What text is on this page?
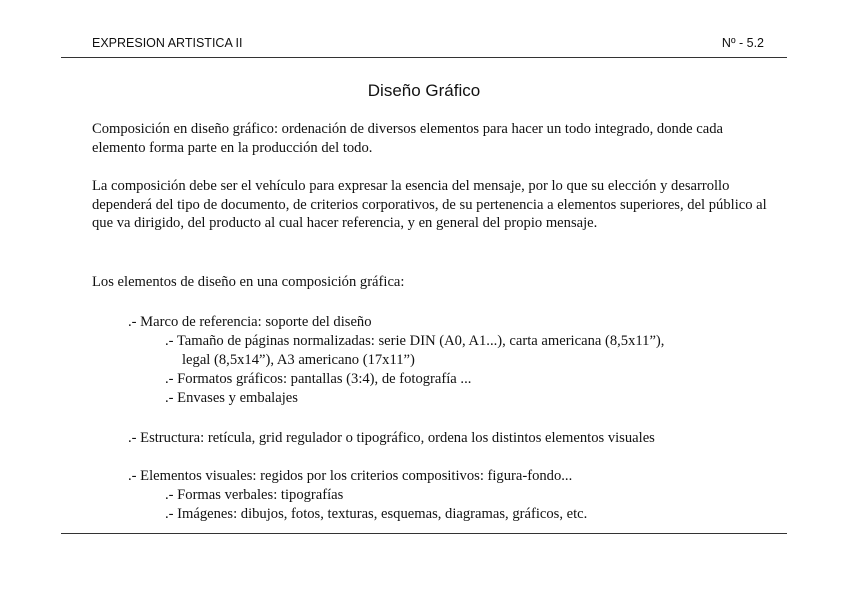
EXPRESION ARTISTICA II	Nº - 5.2
Diseño Gráfico
Composición en diseño gráfico: ordenación de diversos elementos para hacer un todo integrado, donde cada elemento forma parte en la producción del todo.
La composición debe ser el vehículo para expresar la esencia del mensaje, por lo que su elección y desarrollo dependerá del tipo de documento, de criterios corporativos, de su pertenencia a elementos superiores, del público al que va dirigido, del producto al cual hacer referencia, y en general del propio mensaje.
Los elementos de diseño en una composición gráfica:
.- Marco de referencia: soporte del diseño
.- Tamaño de páginas normalizadas: serie DIN (A0, A1...), carta americana (8,5x11”),
legal (8,5x14”), A3 americano (17x11”)
.- Formatos gráficos: pantallas (3:4), de fotografía ...
.- Envases y embalajes
.- Estructura: retícula, grid regulador o tipográfico, ordena los distintos elementos visuales
.- Elementos visuales: regidos por los criterios compositivos: figura-fondo...
.- Formas verbales: tipografías
.- Imágenes: dibujos, fotos, texturas, esquemas, diagramas, gráficos, etc.
